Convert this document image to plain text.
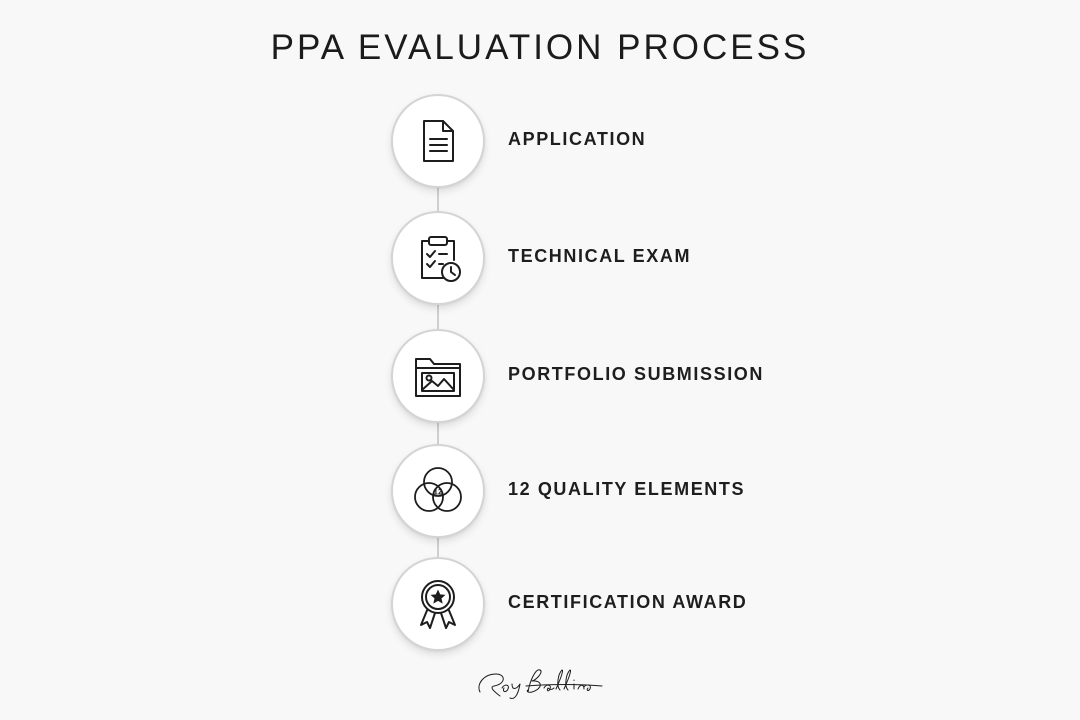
PPA EVALUATION PROCESS
APPLICATION
TECHNICAL EXAM
PORTFOLIO SUBMISSION
12	12 QUALITY ELEMENTS
CERTIFICATION AWARD
